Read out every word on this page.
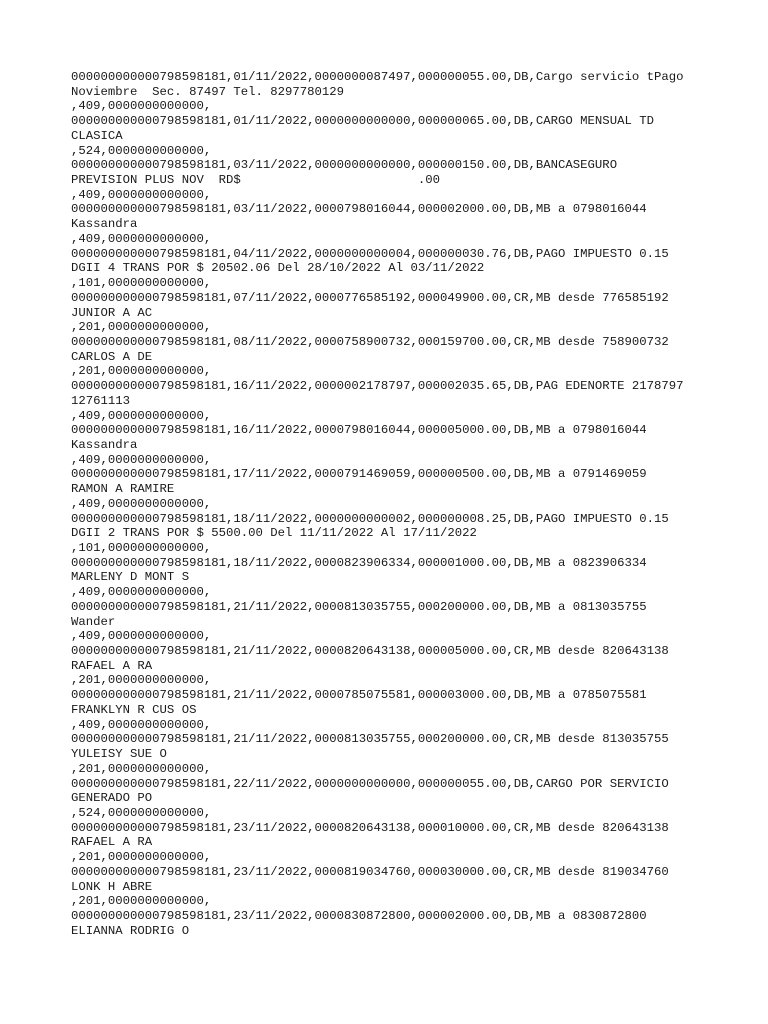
000000000000798598181,01/11/2022,0000000087497,000000055.00,DB,Cargo servicio tPago
Noviembre  Sec. 87497 Tel. 8297780129
,409,0000000000000,
000000000000798598181,01/11/2022,0000000000000,000000065.00,DB,CARGO MENSUAL TD
CLASICA
,524,0000000000000,
000000000000798598181,03/11/2022,0000000000000,000000150.00,DB,BANCASEGURO
PREVISION PLUS NOV  RD$                        .00
,409,0000000000000,
000000000000798598181,03/11/2022,0000798016044,000002000.00,DB,MB a 0798016044
Kassandra
,409,0000000000000,
000000000000798598181,04/11/2022,0000000000004,000000030.76,DB,PAGO IMPUESTO 0.15
DGII 4 TRANS POR $ 20502.06 Del 28/10/2022 Al 03/11/2022
,101,0000000000000,
000000000000798598181,07/11/2022,0000776585192,000049900.00,CR,MB desde 776585192
JUNIOR A AC
,201,0000000000000,
000000000000798598181,08/11/2022,0000758900732,000159700.00,CR,MB desde 758900732
CARLOS A DE
,201,0000000000000,
000000000000798598181,16/11/2022,0000002178797,000002035.65,DB,PAG EDENORTE 2178797
12761113
,409,0000000000000,
000000000000798598181,16/11/2022,0000798016044,000005000.00,DB,MB a 0798016044
Kassandra
,409,0000000000000,
000000000000798598181,17/11/2022,0000791469059,000000500.00,DB,MB a 0791469059
RAMON A RAMIRE
,409,0000000000000,
000000000000798598181,18/11/2022,0000000000002,000000008.25,DB,PAGO IMPUESTO 0.15
DGII 2 TRANS POR $ 5500.00 Del 11/11/2022 Al 17/11/2022
,101,0000000000000,
000000000000798598181,18/11/2022,0000823906334,000001000.00,DB,MB a 0823906334
MARLENY D MONT S
,409,0000000000000,
000000000000798598181,21/11/2022,0000813035755,000200000.00,DB,MB a 0813035755
Wander
,409,0000000000000,
000000000000798598181,21/11/2022,0000820643138,000005000.00,CR,MB desde 820643138
RAFAEL A RA
,201,0000000000000,
000000000000798598181,21/11/2022,0000785075581,000003000.00,DB,MB a 0785075581
FRANKLYN R CUS OS
,409,0000000000000,
000000000000798598181,21/11/2022,0000813035755,000200000.00,CR,MB desde 813035755
YULEISY SUE O
,201,0000000000000,
000000000000798598181,22/11/2022,0000000000000,000000055.00,DB,CARGO POR SERVICIO
GENERADO PO
,524,0000000000000,
000000000000798598181,23/11/2022,0000820643138,000010000.00,CR,MB desde 820643138
RAFAEL A RA
,201,0000000000000,
000000000000798598181,23/11/2022,0000819034760,000030000.00,CR,MB desde 819034760
LONK H ABRE
,201,0000000000000,
000000000000798598181,23/11/2022,0000830872800,000002000.00,DB,MB a 0830872800
ELIANNA RODRIG O
